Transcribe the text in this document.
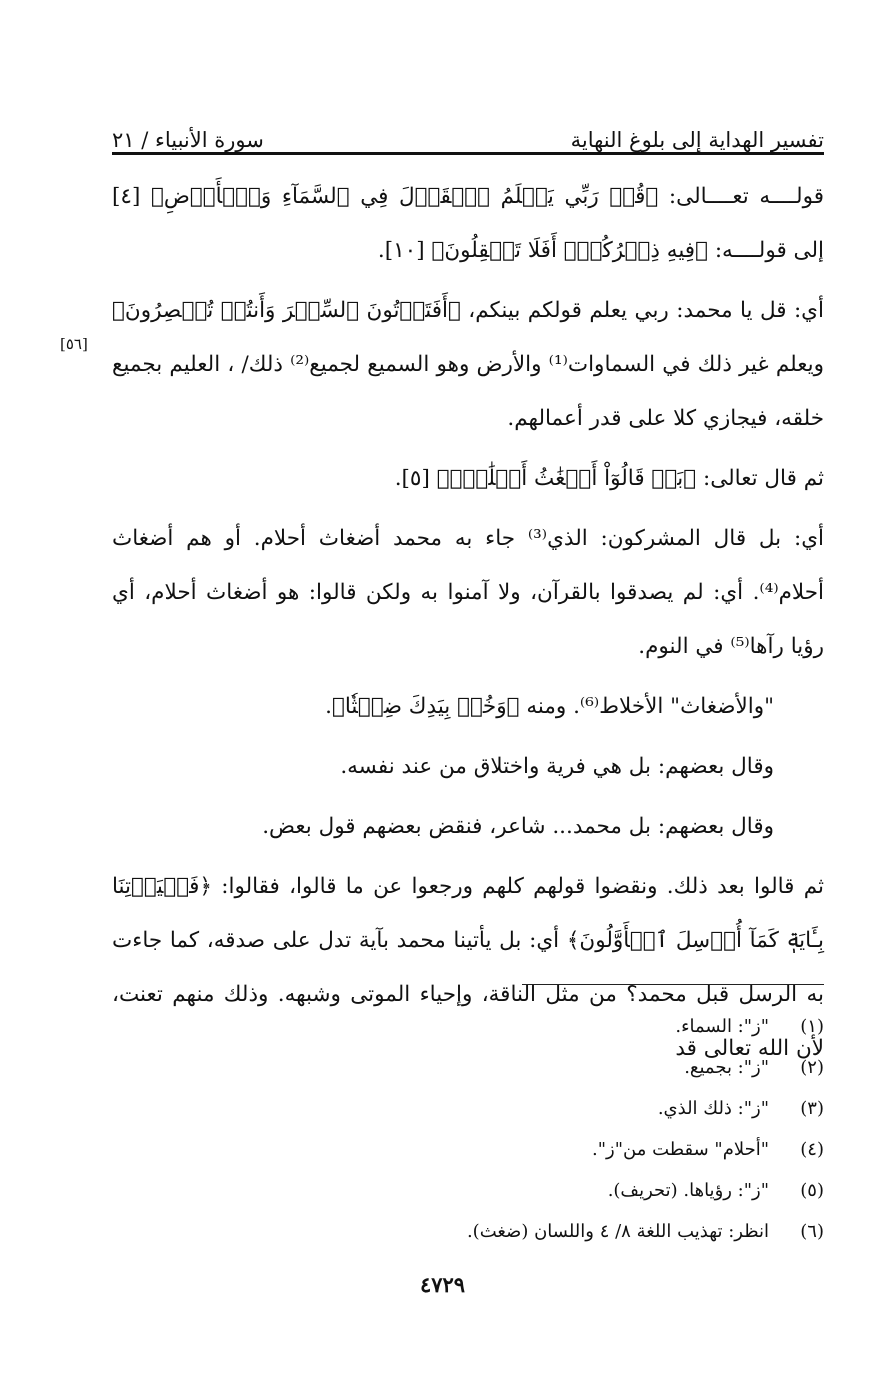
تفسير الهداية إلى بلوغ النهاية
سورة الأنبياء / ٢١
[٥٦]

قولــــه تعــــالى: ﴿قُلۡ رَبِّي يَعۡلَمُ ٱلۡقَوۡلَ فِي ٱلسَّمَآءِ وَٱلۡأَرۡضِ﴾ [٤] إلى قولــــه: ﴿فِيهِ ذِكۡرُكُمۡۚ أَفَلَا تَعۡقِلُونَ﴾ [١٠].

أي: قل يا محمد: ربي يعلم قولكم بينكم، ﴿أَفَتَأۡتُونَ ٱلسِّحۡرَ وَأَنتُمۡ تُبۡصِرُونَ﴾ ويعلم غير ذلك في السماوات⁽¹⁾ والأرض وهو السميع لجميع⁽²⁾ ذلك/ ، العليم بجميع خلقه، فيجازي كلا على قدر أعمالهم.

ثم قال تعالى: ﴿بَلۡ قَالُوٓاْ أَضۡغَٰثُ أَحۡلَٰمِۭ﴾ [٥].

أي: بل قال المشركون: الذي⁽³⁾ جاء به محمد أضغاث أحلام. أو هم أضغاث أحلام⁽⁴⁾. أي: لم يصدقوا بالقرآن، ولا آمنوا به ولكن قالوا: هو أضغاث أحلام، أي رؤيا رآها⁽⁵⁾ في النوم.

"والأضغاث" الأخلاط⁽⁶⁾. ومنه ﴿وَخُذۡ بِيَدِكَ ضِغۡثٗا﴾.

وقال بعضهم: بل هي فرية واختلاق من عند نفسه.

وقال بعضهم: بل محمد... شاعر، فنقض بعضهم قول بعض.

ثم قالوا بعد ذلك. ونقضوا قولهم كلهم ورجعوا عن ما قالوا، فقالوا: ﴿فَلۡيَأۡتِنَا بِـَٔايَةٖ كَمَآ أُرۡسِلَ ٱلۡأَوَّلُونَ﴾ أي: بل يأتينا محمد بآية تدل على صدقه، كما جاءت به الرسل قبل محمد؟ من مثل الناقة، وإحياء الموتى وشبهه. وذلك منهم تعنت، لأن الله تعالى قد

(١)
"ز": السماء.
(٢)
"ز": بجميع.
(٣)
"ز": ذلك الذي.
(٤)
"أحلام" سقطت من"ز".
(٥)
"ز": رؤياها. (تحريف).
(٦)
انظر: تهذيب اللغة ٨/ ٤ واللسان (ضغث).
٤٧٢٩
